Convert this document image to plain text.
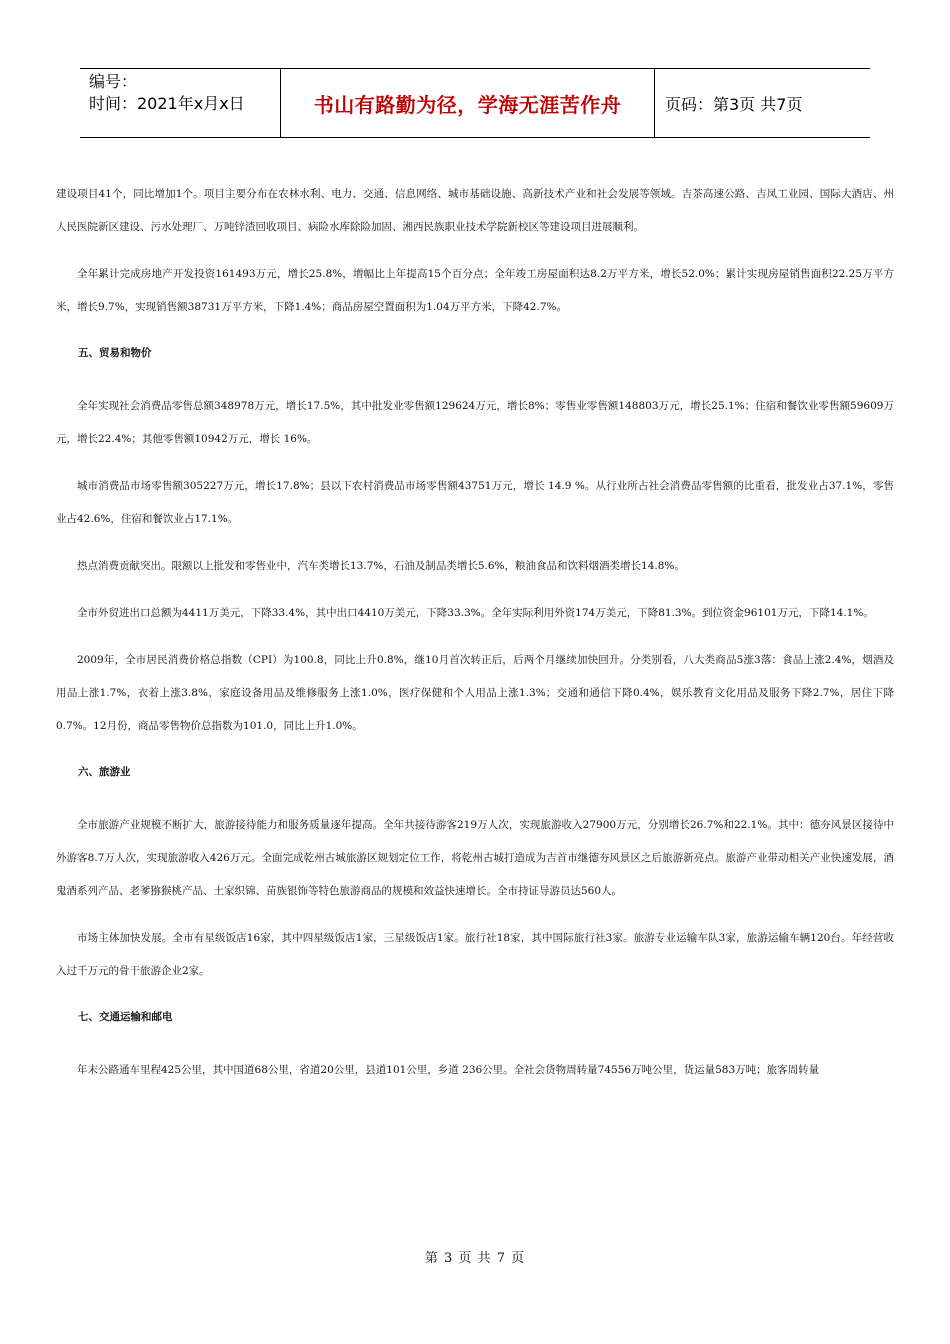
编号：
时间：2021年x月x日	书山有路勤为径，学海无涯苦作舟	页码：第3页 共7页
建设项目41个，同比增加1个。项目主要分布在农林水利、电力、交通、信息网络、城市基础设施、高新技术产业和社会发展等领域。吉茶高速公路、吉凤工业园、国际大酒店、州人民医院新区建设、污水处理厂、万吨锌渣回收项目、病险水库除险加固、湘西民族职业技术学院新校区等建设项目进展顺利。
全年累计完成房地产开发投资161493万元，增长25.8%，增幅比上年提高15个百分点；全年竣工房屋面积达8.2万平方米，增长52.0%；累计实现房屋销售面积22.25万平方米，增长9.7%，实现销售额38731万平方米，下降1.4%；商品房屋空置面积为1.04万平方米，下降42.7%。
五、贸易和物价
全年实现社会消费品零售总额348978万元，增长17.5%，其中批发业零售额129624万元，增长8%；零售业零售额148803万元，增长25.1%；住宿和餐饮业零售额59609万元，增长22.4%；其他零售额10942万元，增长 16%。
城市消费品市场零售额305227万元，增长17.8%；县以下农村消费品市场零售额43751万元，增长 14.9 %。从行业所占社会消费品零售额的比重看，批发业占37.1%，零售业占42.6%，住宿和餐饮业占17.1%。
热点消费贡献突出。限额以上批发和零售业中，汽车类增长13.7%，石油及制品类增长5.6%，粮油食品和饮料烟酒类增长14.8%。
全市外贸进出口总额为4411万美元，下降33.4%，其中出口4410万美元，下降33.3%。全年实际利用外资174万美元，下降81.3%。到位资金96101万元，下降14.1%。
2009年，全市居民消费价格总指数（CPI）为100.8，同比上升0.8%，继10月首次转正后，后两个月继续加快回升。分类别看，八大类商品5涨3落：食品上涨2.4%，烟酒及用品上涨1.7%，衣着上涨3.8%，家庭设备用品及维修服务上涨1.0%，医疗保健和个人用品上涨1.3%；交通和通信下降0.4%，娱乐教育文化用品及服务下降2.7%，居住下降0.7%。12月份，商品零售物价总指数为101.0，同比上升1.0%。
六、旅游业
全市旅游产业规模不断扩大，旅游接待能力和服务质量逐年提高。全年共接待游客219万人次，实现旅游收入27900万元，分别增长26.7%和22.1%。其中：德夯风景区接待中外游客8.7万人次，实现旅游收入426万元。全面完成乾州古城旅游区规划定位工作，将乾州古城打造成为吉首市继德夯风景区之后旅游新亮点。旅游产业带动相关产业快速发展，酒鬼酒系列产品、老爹猕猴桃产品、土家织锦、苗族银饰等特色旅游商品的规模和效益快速增长。全市持证导游员达560人。
市场主体加快发展。全市有星级饭店16家，其中四星级饭店1家，三星级饭店1家。旅行社18家，其中国际旅行社3家。旅游专业运输车队3家，旅游运输车辆120台。年经营收入过千万元的骨干旅游企业2家。
七、交通运输和邮电
年末公路通车里程425公里，其中国道68公里，省道20公里，县道101公里，乡道 236公里。全社会货物周转量74556万吨公里，货运量583万吨；旅客周转量
第 3 页 共 7 页
